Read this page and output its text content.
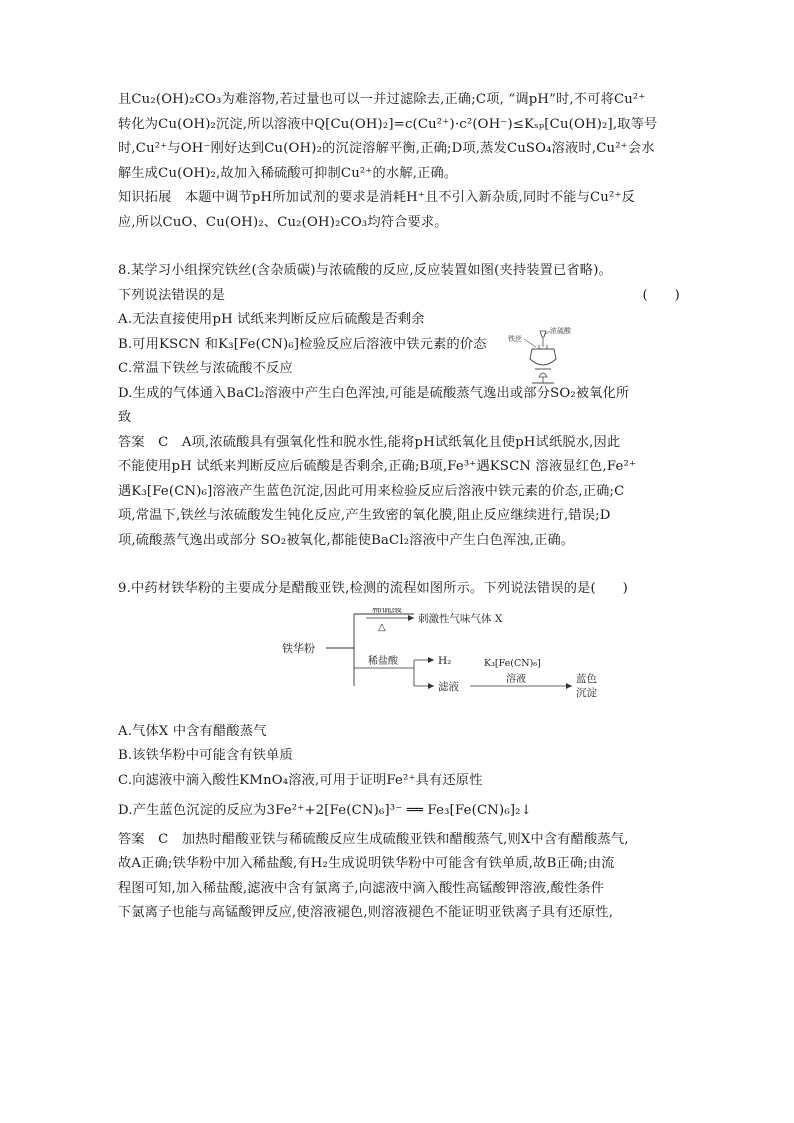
且Cu₂(OH)₂CO₃为难溶物,若过量也可以一并过滤除去,正确;C项, “调pH”时,不可将Cu²⁺

转化为Cu(OH)₂沉淀,所以溶液中Q[Cu(OH)₂]=c(Cu²⁺)·c²(OH⁻)≤Kₛₚ[Cu(OH)₂],取等号

时,Cu²⁺与OH⁻刚好达到Cu(OH)₂的沉淀溶解平衡,正确;D项,蒸发CuSO₄溶液时,Cu²⁺会水

解生成Cu(OH)₂,故加入稀硫酸可抑制Cu²⁺的水解,正确。

知识拓展　本题中调节pH所加试剂的要求是消耗H⁺且不引入新杂质,同时不能与Cu²⁺反

应,所以CuO、Cu(OH)₂、Cu₂(OH)₂CO₃均符合要求。

8.某学习小组探究铁丝(含杂质碳)与浓硫酸的反应,反应装置如图(夹持装置已省略)。

下列说法错误的是	(　　)

A.无法直接使用pH 试纸来判断反应后硫酸是否剩余

B.可用KSCN 和K₃[Fe(CN)₆]检验反应后溶液中铁元素的价态

C.常温下铁丝与浓硫酸不反应

D.生成的气体通入BaCl₂溶液中产生白色浑浊,可能是硫酸蒸气逸出或部分SO₂被氧化所

致

铁丝
浓硫酸

答案　C　A项,浓硫酸具有强氧化性和脱水性,能将pH试纸氧化且使pH试纸脱水,因此

不能使用pH 试纸来判断反应后硫酸是否剩余,正确;B项,Fe³⁺遇KSCN 溶液显红色,Fe²⁺

遇K₃[Fe(CN)₆]溶液产生蓝色沉淀,因此可用来检验反应后溶液中铁元素的价态,正确;C

项,常温下,铁丝与浓硫酸发生钝化反应,产生致密的氧化膜,阻止反应继续进行,错误;D

项,硫酸蒸气逸出或部分 SO₂被氧化,都能使BaCl₂溶液中产生白色浑浊,正确。

9.中药材铁华粉的主要成分是醋酸亚铁,检测的流程如图所示。下列说法错误的是(　　)

铁华粉
稀硫酸
△
刺激性气味气体 X
稀盐酸	H₂
滤液
K₃[Fe(CN)₆]
溶液	蓝色
沉淀

A.气体X 中含有醋酸蒸气

B.该铁华粉中可能含有铁单质

C.向滤液中滴入酸性KMnO₄溶液,可用于证明Fe²⁺具有还原性

D.产生蓝色沉淀的反应为3Fe²⁺+2[Fe(CN)₆]³⁻ ══ Fe₃[Fe(CN)₆]₂↓

答案　C　加热时醋酸亚铁与稀硫酸反应生成硫酸亚铁和醋酸蒸气,则X中含有醋酸蒸气,

故A正确;铁华粉中加入稀盐酸,有H₂生成说明铁华粉中可能含有铁单质,故B正确;由流

程图可知,加入稀盐酸,滤液中含有氯离子,向滤液中滴入酸性高锰酸钾溶液,酸性条件

下氯离子也能与高锰酸钾反应,使溶液褪色,则溶液褪色不能证明亚铁离子具有还原性,
